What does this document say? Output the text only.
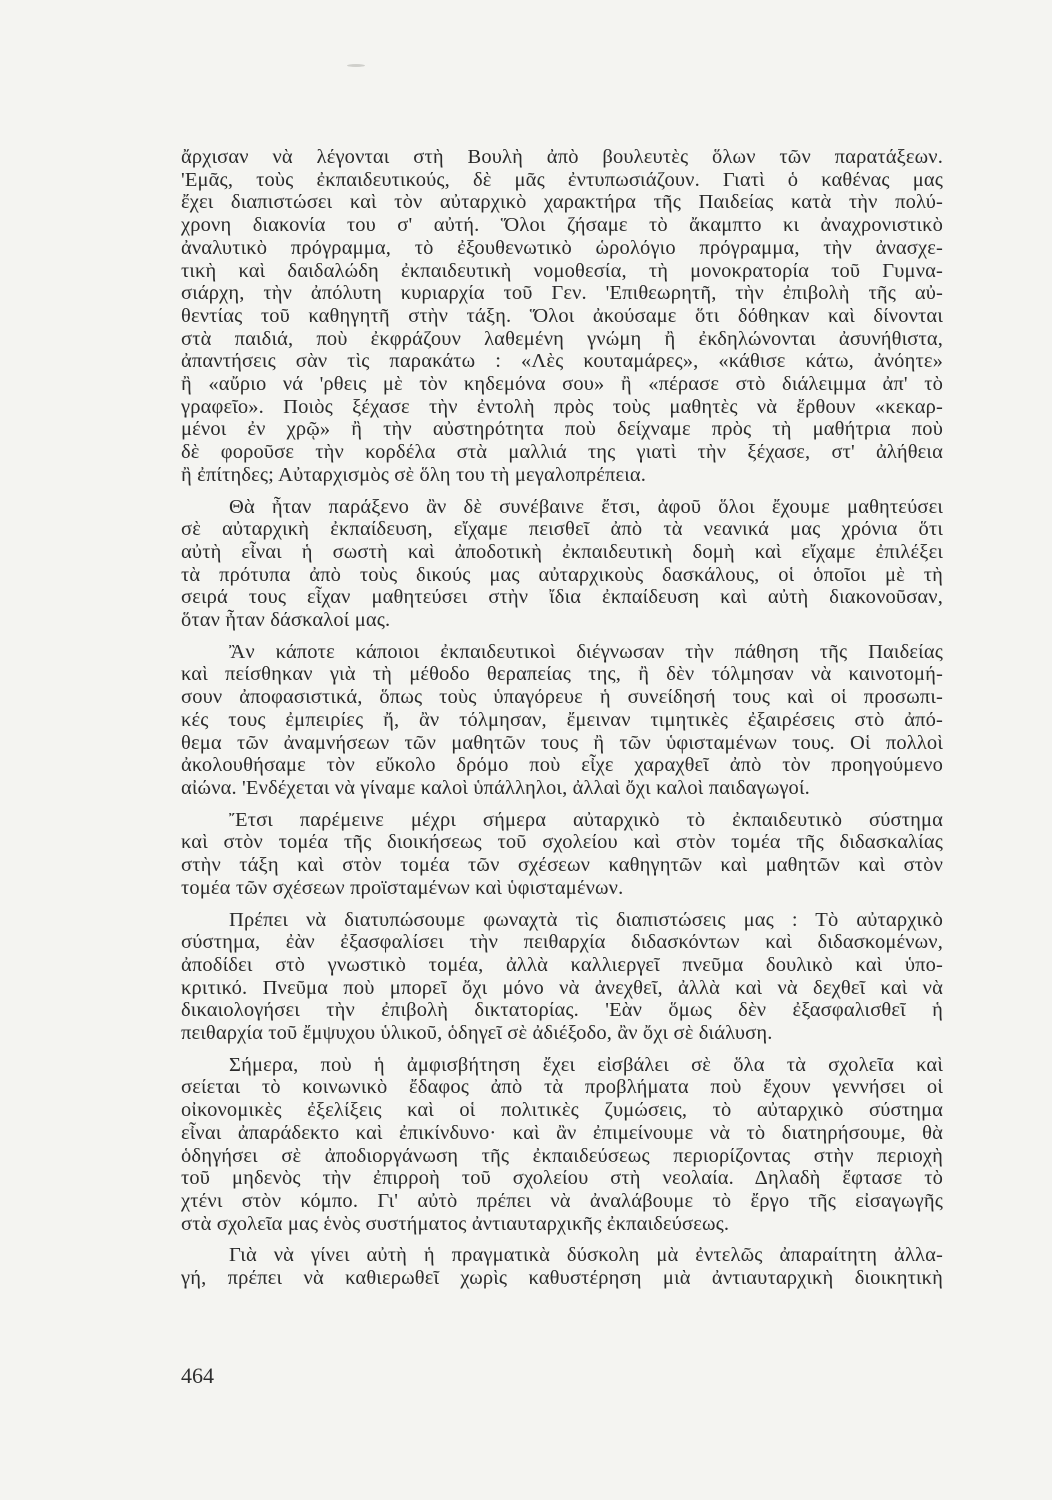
ἄρχισαν νὰ λέγονται στὴ Βουλὴ ἀπὸ βουλευτὲς ὅλων τῶν παρατάξεων.
'Εμᾶς, τοὺς ἐκπαιδευτικούς, δὲ μᾶς ἐντυπωσιάζουν. Γιατὶ ὁ καθένας μας
ἔχει διαπιστώσει καὶ τὸν αὐταρχικὸ χαρακτήρα τῆς Παιδείας κατὰ τὴν πολύ-
χρονη διακονία του σ' αὐτή. Ὅλοι ζήσαμε τὸ ἄκαμπτο κι ἀναχρονιστικὸ
ἀναλυτικὸ πρόγραμμα, τὸ ἐξουθενωτικὸ ὡρολόγιο πρόγραμμα, τὴν ἀνασχε-
τικὴ καὶ δαιδαλώδη ἐκπαιδευτικὴ νομοθεσία, τὴ μονοκρατορία τοῦ Γυμνα-
σιάρχη, τὴν ἀπόλυτη κυριαρχία τοῦ Γεν. 'Επιθεωρητῆ, τὴν ἐπιβολὴ τῆς αὐ-
θεντίας τοῦ καθηγητῆ στὴν τάξη. Ὅλοι ἀκούσαμε ὅτι δόθηκαν καὶ δίνονται
στὰ παιδιά, ποὺ ἐκφράζουν λαθεμένη γνώμη ἢ ἐκδηλώνονται ἀσυνήθιστα,
ἀπαντήσεις σὰν τὶς παρακάτω : «Λὲς κουταμάρες», «κάθισε κάτω, ἀνόητε»
ἢ «αὔριο νά 'ρθεις μὲ τὸν κηδεμόνα σου» ἢ «πέρασε στὸ διάλειμμα ἀπ' τὸ
γραφεῖο». Ποιὸς ξέχασε τὴν ἐντολὴ πρὸς τοὺς μαθητὲς νὰ ἔρθουν «κεκαρ-
μένοι ἐν χρῷ» ἢ τὴν αὐστηρότητα ποὺ δείχναμε πρὸς τὴ μαθήτρια ποὺ
δὲ φοροῦσε τὴν κορδέλα στὰ μαλλιά της γιατὶ τὴν ξέχασε, στ' ἀλήθεια
ἢ ἐπίτηδες; Αὐταρχισμὸς σὲ ὅλη του τὴ μεγαλοπρέπεια.
Θὰ ἦταν παράξενο ἂν δὲ συνέβαινε ἔτσι, ἀφοῦ ὅλοι ἔχουμε μαθητεύσει
σὲ αὐταρχικὴ ἐκπαίδευση, εἴχαμε πεισθεῖ ἀπὸ τὰ νεανικά μας χρόνια ὅτι
αὐτὴ εἶναι ἡ σωστὴ καὶ ἀποδοτικὴ ἐκπαιδευτικὴ δομὴ καὶ εἴχαμε ἐπιλέξει
τὰ πρότυπα ἀπὸ τοὺς δικούς μας αὐταρχικοὺς δασκάλους, οἱ ὁποῖοι μὲ τὴ
σειρά τους εἶχαν μαθητεύσει στὴν ἴδια ἐκπαίδευση καὶ αὐτὴ διακονοῦσαν,
ὅταν ἦταν δάσκαλοί μας.
Ἂν κάποτε κάποιοι ἐκπαιδευτικοὶ διέγνωσαν τὴν πάθηση τῆς Παιδείας
καὶ πείσθηκαν γιὰ τὴ μέθοδο θεραπείας της, ἢ δὲν τόλμησαν νὰ καινοτομή-
σουν ἀποφασιστικά, ὅπως τοὺς ὑπαγόρευε ἡ συνείδησή τους καὶ οἱ προσωπι-
κές τους ἐμπειρίες ἤ, ἂν τόλμησαν, ἔμειναν τιμητικὲς ἐξαιρέσεις στὸ ἀπό-
θεμα τῶν ἀναμνήσεων τῶν μαθητῶν τους ἢ τῶν ὑφισταμένων τους. Οἱ πολλοὶ
ἀκολουθήσαμε τὸν εὔκολο δρόμο ποὺ εἶχε χαραχθεῖ ἀπὸ τὸν προηγούμενο
αἰώνα. 'Ενδέχεται νὰ γίναμε καλοὶ ὑπάλληλοι, ἀλλαὶ ὄχι καλοὶ παιδαγωγοί.
Ἔτσι παρέμεινε μέχρι σήμερα αὐταρχικὸ τὸ ἐκπαιδευτικὸ σύστημα
καὶ στὸν τομέα τῆς διοικήσεως τοῦ σχολείου καὶ στὸν τομέα τῆς διδασκαλίας
στὴν τάξη καὶ στὸν τομέα τῶν σχέσεων καθηγητῶν καὶ μαθητῶν καὶ στὸν
τομέα τῶν σχέσεων προϊσταμένων καὶ ὑφισταμένων.
Πρέπει νὰ διατυπώσουμε φωναχτὰ τὶς διαπιστώσεις μας : Τὸ αὐταρχικὸ
σύστημα, ἐὰν ἐξασφαλίσει τὴν πειθαρχία διδασκόντων καὶ διδασκομένων,
ἀποδίδει στὸ γνωστικὸ τομέα, ἀλλὰ καλλιεργεῖ πνεῦμα δουλικὸ καὶ ὑπο-
κριτικό. Πνεῦμα ποὺ μπορεῖ ὄχι μόνο νὰ ἀνεχθεῖ, ἀλλὰ καὶ νὰ δεχθεῖ καὶ νὰ
δικαιολογήσει τὴν ἐπιβολὴ δικτατορίας. 'Εὰν ὅμως δὲν ἐξασφαλισθεῖ ἡ
πειθαρχία τοῦ ἔμψυχου ὑλικοῦ, ὁδηγεῖ σὲ ἀδιέξοδο, ἂν ὄχι σὲ διάλυση.
Σήμερα, ποὺ ἡ ἀμφισβήτηση ἔχει εἰσβάλει σὲ ὅλα τὰ σχολεῖα καὶ
σείεται τὸ κοινωνικὸ ἔδαφος ἀπὸ τὰ προβλήματα ποὺ ἔχουν γεννήσει οἱ
οἰκονομικὲς ἐξελίξεις καὶ οἱ πολιτικὲς ζυμώσεις, τὸ αὐταρχικὸ σύστημα
εἶναι ἀπαράδεκτο καὶ ἐπικίνδυνο· καὶ ἂν ἐπιμείνουμε νὰ τὸ διατηρήσουμε, θὰ
ὁδηγήσει σὲ ἀποδιοργάνωση τῆς ἐκπαιδεύσεως περιορίζοντας στὴν περιοχὴ
τοῦ μηδενὸς τὴν ἐπιρροὴ τοῦ σχολείου στὴ νεολαία. Δηλαδὴ ἔφτασε τὸ
χτένι στὸν κόμπο. Γι' αὐτὸ πρέπει νὰ ἀναλάβουμε τὸ ἔργο τῆς εἰσαγωγῆς
στὰ σχολεῖα μας ἑνὸς συστήματος ἀντιαυταρχικῆς ἐκπαιδεύσεως.
Γιὰ νὰ γίνει αὐτὴ ἡ πραγματικὰ δύσκολη μὰ ἐντελῶς ἀπαραίτητη ἀλλα-
γή, πρέπει νὰ καθιερωθεῖ χωρὶς καθυστέρηση μιὰ ἀντιαυταρχικὴ διοικητικὴ
464
